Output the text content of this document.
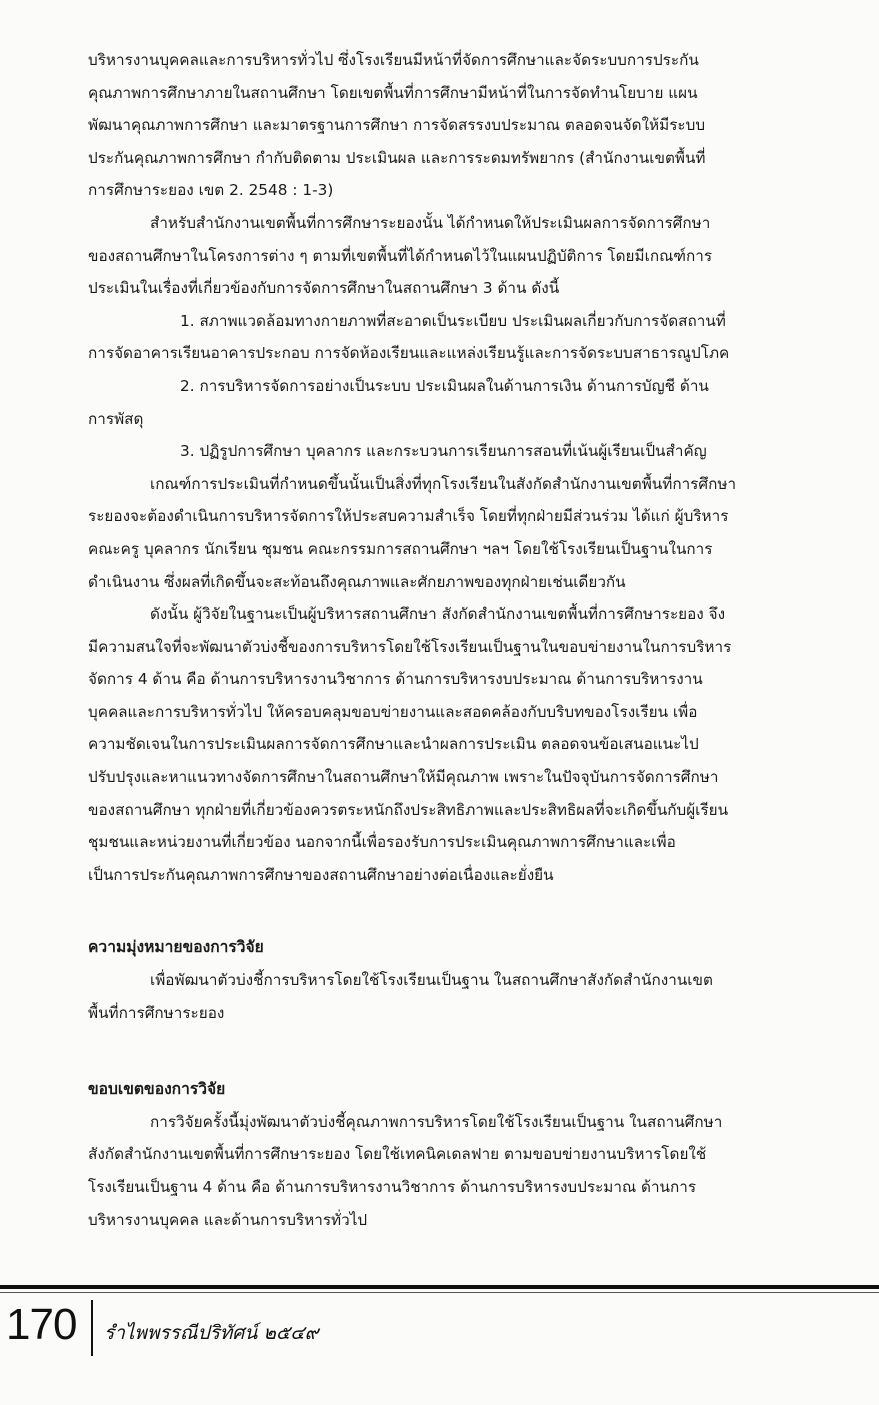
บริหารงานบุคคลและการบริหารทั่วไป ซึ่งโรงเรียนมีหน้าที่จัดการศึกษาและจัดระบบการประกัน
คุณภาพการศึกษาภายในสถานศึกษา โดยเขตพื้นที่การศึกษามีหน้าที่ในการจัดทำนโยบาย แผน
พัฒนาคุณภาพการศึกษา และมาตรฐานการศึกษา การจัดสรรงบประมาณ ตลอดจนจัดให้มีระบบ
ประกันคุณภาพการศึกษา กำกับติดตาม ประเมินผล และการระดมทรัพยากร (สำนักงานเขตพื้นที่
การศึกษาระยอง เขต 2. 2548 : 1-3)

สำหรับสำนักงานเขตพื้นที่การศึกษาระยองนั้น ได้กำหนดให้ประเมินผลการจัดการศึกษา
ของสถานศึกษาในโครงการต่าง ๆ ตามที่เขตพื้นที่ได้กำหนดไว้ในแผนปฏิบัติการ โดยมีเกณฑ์การ
ประเมินในเรื่องที่เกี่ยวข้องกับการจัดการศึกษาในสถานศึกษา 3 ด้าน ดังนี้

1. สภาพแวดล้อมทางกายภาพที่สะอาดเป็นระเบียบ ประเมินผลเกี่ยวกับการจัดสถานที่
การจัดอาคารเรียนอาคารประกอบ การจัดห้องเรียนและแหล่งเรียนรู้และการจัดระบบสาธารณูปโภค

2. การบริหารจัดการอย่างเป็นระบบ ประเมินผลในด้านการเงิน ด้านการบัญชี ด้าน
การพัสดุ

3. ปฏิรูปการศึกษา บุคลากร และกระบวนการเรียนการสอนที่เน้นผู้เรียนเป็นสำคัญ

เกณฑ์การประเมินที่กำหนดขึ้นนั้นเป็นสิ่งที่ทุกโรงเรียนในสังกัดสำนักงานเขตพื้นที่การศึกษา
ระยองจะต้องดำเนินการบริหารจัดการให้ประสบความสำเร็จ โดยที่ทุกฝ่ายมีส่วนร่วม ได้แก่ ผู้บริหาร
คณะครู บุคลากร นักเรียน ชุมชน คณะกรรมการสถานศึกษา ฯลฯ โดยใช้โรงเรียนเป็นฐานในการ
ดำเนินงาน ซึ่งผลที่เกิดขึ้นจะสะท้อนถึงคุณภาพและศักยภาพของทุกฝ่ายเช่นเดียวกัน

ดังนั้น ผู้วิจัยในฐานะเป็นผู้บริหารสถานศึกษา สังกัดสำนักงานเขตพื้นที่การศึกษาระยอง จึง
มีความสนใจที่จะพัฒนาตัวบ่งชี้ของการบริหารโดยใช้โรงเรียนเป็นฐานในขอบข่ายงานในการบริหาร
จัดการ 4 ด้าน คือ ด้านการบริหารงานวิชาการ ด้านการบริหารงบประมาณ ด้านการบริหารงาน
บุคคลและการบริหารทั่วไป ให้ครอบคลุมขอบข่ายงานและสอดคล้องกับบริบทของโรงเรียน เพื่อ
ความชัดเจนในการประเมินผลการจัดการศึกษาและนำผลการประเมิน ตลอดจนข้อเสนอแนะไป
ปรับปรุงและหาแนวทางจัดการศึกษาในสถานศึกษาให้มีคุณภาพ เพราะในปัจจุบันการจัดการศึกษา
ของสถานศึกษา ทุกฝ่ายที่เกี่ยวข้องควรตระหนักถึงประสิทธิภาพและประสิทธิผลที่จะเกิดขึ้นกับผู้เรียน
ชุมชนและหน่วยงานที่เกี่ยวข้อง นอกจากนี้เพื่อรองรับการประเมินคุณภาพการศึกษาและเพื่อ
เป็นการประกันคุณภาพการศึกษาของสถานศึกษาอย่างต่อเนื่องและยั่งยืน

ความมุ่งหมายของการวิจัย

เพื่อพัฒนาตัวบ่งชี้การบริหารโดยใช้โรงเรียนเป็นฐาน ในสถานศึกษาสังกัดสำนักงานเขต
พื้นที่การศึกษาระยอง

ขอบเขตของการวิจัย

การวิจัยครั้งนี้มุ่งพัฒนาตัวบ่งชี้คุณภาพการบริหารโดยใช้โรงเรียนเป็นฐาน ในสถานศึกษา
สังกัดสำนักงานเขตพื้นที่การศึกษาระยอง โดยใช้เทคนิคเดลฟาย ตามขอบข่ายงานบริหารโดยใช้
โรงเรียนเป็นฐาน 4 ด้าน คือ ด้านการบริหารงานวิชาการ ด้านการบริหารงบประมาณ ด้านการ
บริหารงานบุคคล และด้านการบริหารทั่วไป

170 รำไพพรรณีปริทัศน์ ๒๕๔๙
